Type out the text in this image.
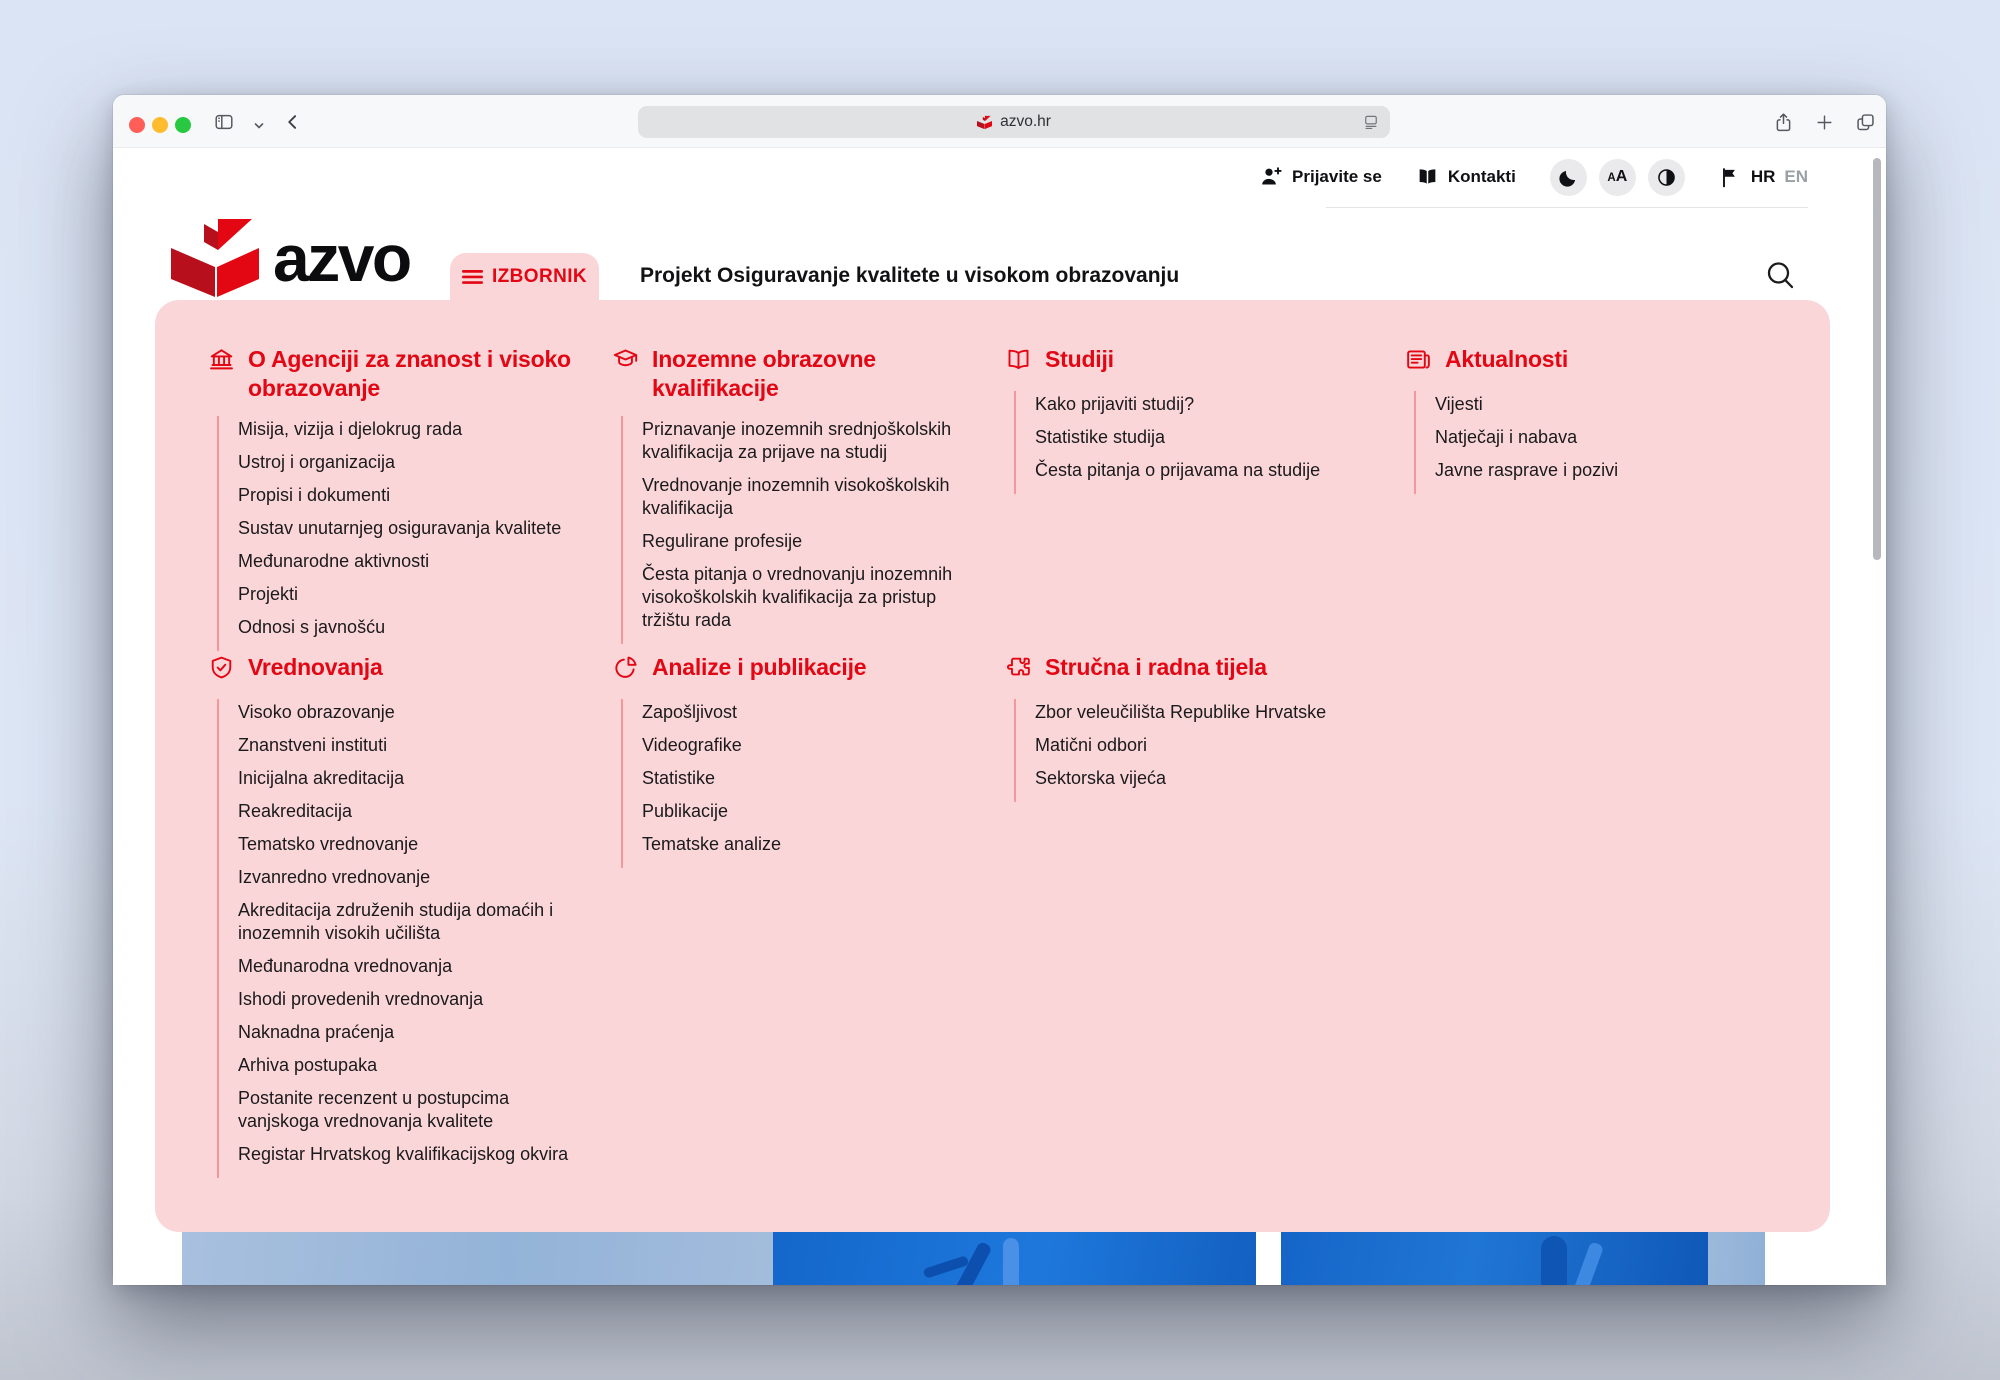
azvo.hr
Prijavite se	Kontakti	AA	HR EN
azvo	IZBORNIK	Projekt Osiguravanje kvalitete u visokom obrazovanju
O Agenciji za znanost i visoko obrazovanje
Misija, vizija i djelokrug rada
Ustroj i organizacija
Propisi i dokumenti
Sustav unutarnjeg osiguravanja kvalitete
Međunarodne aktivnosti
Projekti
Odnosi s javnošću
Inozemne obrazovne kvalifikacije
Priznavanje inozemnih srednjoškolskih kvalifikacija za prijave na studij
Vrednovanje inozemnih visokoškolskih kvalifikacija
Regulirane profesije
Česta pitanja o vrednovanju inozemnih visokoškolskih kvalifikacija za pristup tržištu rada
Studiji
Kako prijaviti studij?
Statistike studija
Česta pitanja o prijavama na studije
Aktualnosti
Vijesti
Natječaji i nabava
Javne rasprave i pozivi
Vrednovanja
Visoko obrazovanje
Znanstveni instituti
Inicijalna akreditacija
Reakreditacija
Tematsko vrednovanje
Izvanredno vrednovanje
Akreditacija združenih studija domaćih i inozemnih visokih učilišta
Međunarodna vrednovanja
Ishodi provedenih vrednovanja
Naknadna praćenja
Arhiva postupaka
Postanite recenzent u postupcima vanjskoga vrednovanja kvalitete
Registar Hrvatskog kvalifikacijskog okvira
Analize i publikacije
Zapošljivost
Videografike
Statistike
Publikacije
Tematske analize
Stručna i radna tijela
Zbor veleučilišta Republike Hrvatske
Matični odbori
Sektorska vijeća
